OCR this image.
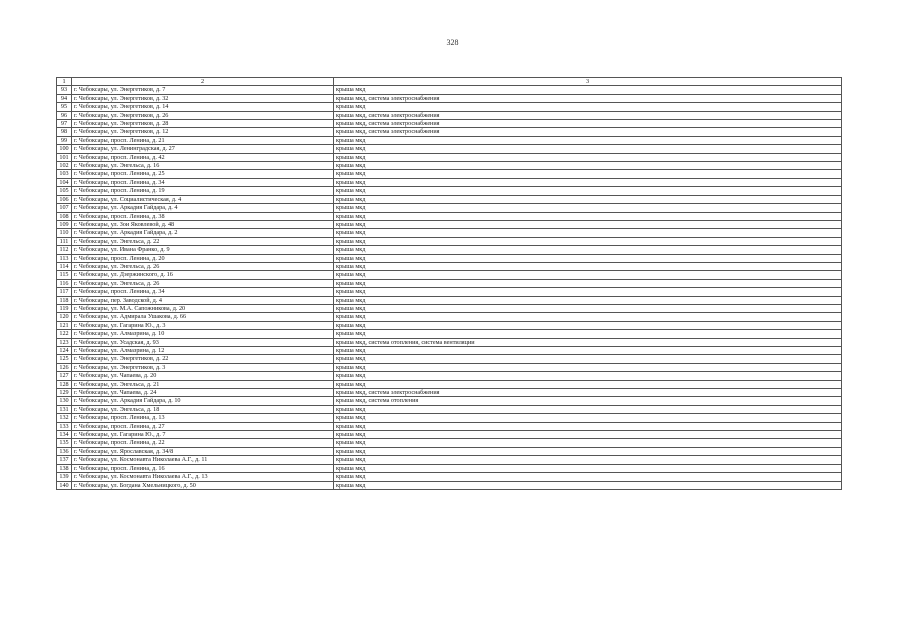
328
1	2	3
93	г. Чебоксары, ул. Энергетиков, д. 7	крыша мкд
94	г. Чебоксары, ул. Энергетиков, д. 32	крыша мкд, система электроснабжения
95	г. Чебоксары, ул. Энергетиков, д. 14	крыша мкд
96	г. Чебоксары, ул. Энергетиков, д. 26	крыша мкд, система электроснабжения
97	г. Чебоксары, ул. Энергетиков, д. 28	крыша мкд, система электроснабжения
98	г. Чебоксары, ул. Энергетиков, д. 12	крыша мкд, система электроснабжения
99	г. Чебоксары, просп. Ленина, д. 21	крыша мкд
100	г. Чебоксары, ул. Ленинградская, д. 27	крыша мкд
101	г. Чебоксары, просп. Ленина, д. 42	крыша мкд
102	г. Чебоксары, ул. Энгельса, д. 16	крыша мкд
103	г. Чебоксары, просп. Ленина, д. 25	крыша мкд
104	г. Чебоксары, просп. Ленина, д. 34	крыша мкд
105	г. Чебоксары, просп. Ленина, д. 19	крыша мкд
106	г. Чебоксары, ул. Социалистическая, д. 4	крыша мкд
107	г. Чебоксары, ул. Аркадия Гайдара, д. 4	крыша мкд
108	г. Чебоксары, просп. Ленина, д. 38	крыша мкд
109	г. Чебоксары, ул. Зои Яковлевой, д. 48	крыша мкд
110	г. Чебоксары, ул. Аркадия Гайдара, д. 2	крыша мкд
111	г. Чебоксары, ул. Энгельса, д. 22	крыша мкд
112	г. Чебоксары, ул. Ивана Франко, д. 9	крыша мкд
113	г. Чебоксары, просп. Ленина, д. 20	крыша мкд
114	г. Чебоксары, ул. Энгельса, д. 26	крыша мкд
115	г. Чебоксары, ул. Дзержинского, д. 16	крыша мкд
116	г. Чебоксары, ул. Энгельса, д. 26	крыша мкд
117	г. Чебоксары, просп. Ленина, д. 34	крыша мкд
118	г. Чебоксары, пер. Заводской, д. 4	крыша мкд
119	г. Чебоксары, ул. М.А. Сапожникова, д. 20	крыша мкд
120	г. Чебоксары, ул. Адмирала Ушакова, д. 66	крыша мкд
121	г. Чебоксары, ул. Гагарина Ю., д. 3	крыша мкд
122	г. Чебоксары, ул. Алмазрина, д. 10	крыша мкд
123	г. Чебоксары, ул. Усадская, д. 93	крыша мкд, система отопления, система вентиляции
124	г. Чебоксары, ул. Алмазрина, д. 12	крыша мкд
125	г. Чебоксары, ул. Энергетиков, д. 22	крыша мкд
126	г. Чебоксары, ул. Энергетиков, д. 3	крыша мкд
127	г. Чебоксары, ул. Чапаева, д. 20	крыша мкд
128	г. Чебоксары, ул. Энгельса, д. 21	крыша мкд
129	г. Чебоксары, ул. Чапаева, д. 24	крыша мкд, система электроснабжения
130	г. Чебоксары, ул. Аркадия Гайдара, д. 10	крыша мкд, система отопления
131	г. Чебоксары, ул. Энгельса, д. 18	крыша мкд
132	г. Чебоксары, просп. Ленина, д. 13	крыша мкд
133	г. Чебоксары, просп. Ленина, д. 27	крыша мкд
134	г. Чебоксары, ул. Гагарина Ю., д. 7	крыша мкд
135	г. Чебоксары, просп. Ленина, д. 22	крыша мкд
136	г. Чебоксары, ул. Ярославская, д. 34/8	крыша мкд
137	г. Чебоксары, ул. Космонавта Николаева А.Г., д. 11	крыша мкд
138	г. Чебоксары, просп. Ленина, д. 16	крыша мкд
139	г. Чебоксары, ул. Космонавта Николаева А.Г., д. 13	крыша мкд
140	г. Чебоксары, ул. Богдана Хмельницкого, д. 50	крыша мкд
